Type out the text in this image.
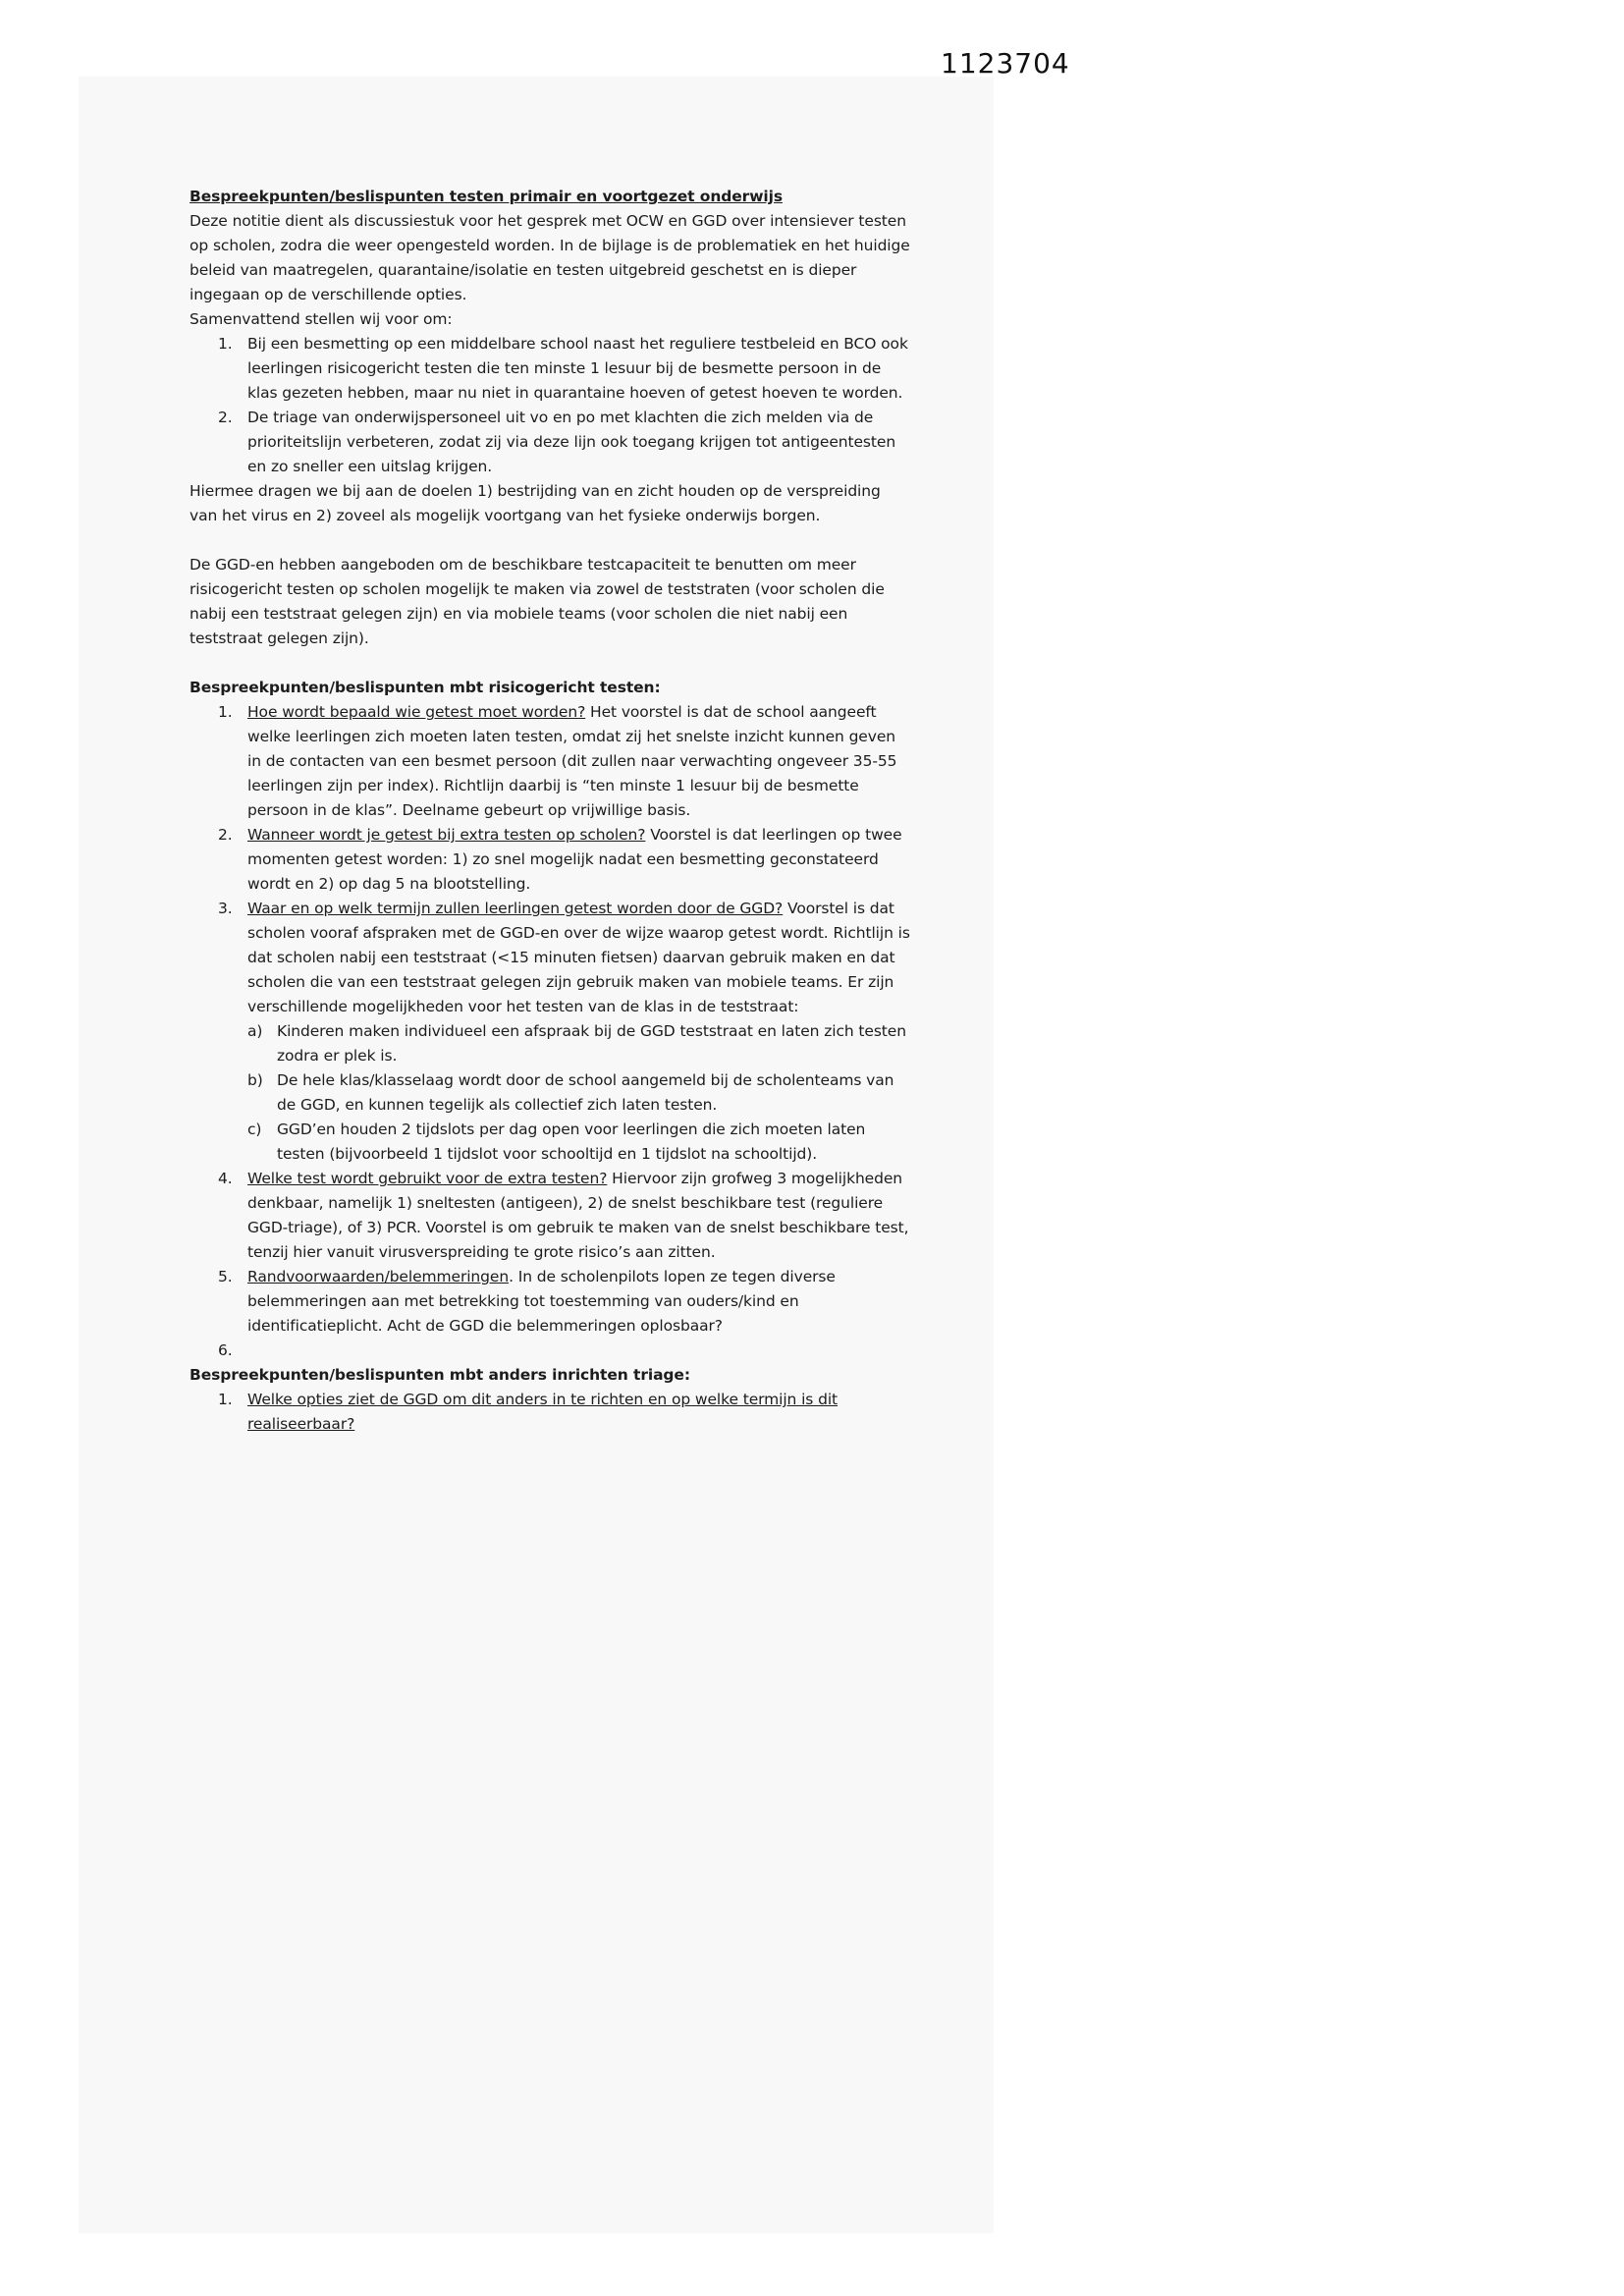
1123704
Bespreekpunten/beslispunten testen primair en voortgezet onderwijs
Deze notitie dient als discussiestuk voor het gesprek met OCW en GGD over intensiever testen op scholen, zodra die weer opengesteld worden. In de bijlage is de problematiek en het huidige beleid van maatregelen, quarantaine/isolatie en testen uitgebreid geschetst en is dieper ingegaan op de verschillende opties.
Samenvattend stellen wij voor om:
1. Bij een besmetting op een middelbare school naast het reguliere testbeleid en BCO ook leerlingen risicogericht testen die ten minste 1 lesuur bij de besmette persoon in de klas gezeten hebben, maar nu niet in quarantaine hoeven of getest hoeven te worden.
2. De triage van onderwijspersoneel uit vo en po met klachten die zich melden via de prioriteitslijn verbeteren, zodat zij via deze lijn ook toegang krijgen tot antigeentesten en zo sneller een uitslag krijgen.
Hiermee dragen we bij aan de doelen 1) bestrijding van en zicht houden op de verspreiding van het virus en 2) zoveel als mogelijk voortgang van het fysieke onderwijs borgen.
De GGD-en hebben aangeboden om de beschikbare testcapaciteit te benutten om meer risicogericht testen op scholen mogelijk te maken via zowel de teststraten (voor scholen die nabij een teststraat gelegen zijn) en via mobiele teams (voor scholen die niet nabij een teststraat gelegen zijn).
Bespreekpunten/beslispunten mbt risicogericht testen:
1. Hoe wordt bepaald wie getest moet worden? Het voorstel is dat de school aangeeft welke leerlingen zich moeten laten testen, omdat zij het snelste inzicht kunnen geven in de contacten van een besmet persoon (dit zullen naar verwachting ongeveer 35-55 leerlingen zijn per index). Richtlijn daarbij is “ten minste 1 lesuur bij de besmette persoon in de klas”. Deelname gebeurt op vrijwillige basis.
2. Wanneer wordt je getest bij extra testen op scholen? Voorstel is dat leerlingen op twee momenten getest worden: 1) zo snel mogelijk nadat een besmetting geconstateerd wordt en 2) op dag 5 na blootstelling.
3. Waar en op welk termijn zullen leerlingen getest worden door de GGD? Voorstel is dat scholen vooraf afspraken met de GGD-en over de wijze waarop getest wordt. Richtlijn is dat scholen nabij een teststraat (<15 minuten fietsen) daarvan gebruik maken en dat scholen die van een teststraat gelegen zijn gebruik maken van mobiele teams. Er zijn verschillende mogelijkheden voor het testen van de klas in de teststraat:
a) Kinderen maken individueel een afspraak bij de GGD teststraat en laten zich testen zodra er plek is.
b) De hele klas/klasselaag wordt door de school aangemeld bij de scholenteams van de GGD, en kunnen tegelijk als collectief zich laten testen.
c)	GGD’en houden 2 tijdslots per dag open voor leerlingen die zich moeten laten testen (bijvoorbeeld 1 tijdslot voor schooltijd en 1 tijdslot na schooltijd).
4. Welke test wordt gebruikt voor de extra testen? Hiervoor zijn grofweg 3 mogelijkheden denkbaar, namelijk 1) sneltesten (antigeen), 2) de snelst beschikbare test (reguliere GGD-triage), of 3) PCR. Voorstel is om gebruik te maken van de snelst beschikbare test, tenzij hier vanuit virusverspreiding te grote risico’s aan zitten.
5. Randvoorwaarden/belemmeringen. In de scholenpilots lopen ze tegen diverse belemmeringen aan met betrekking tot toestemming van ouders/kind en identificatieplicht. Acht de GGD die belemmeringen oplosbaar?
6.
Bespreekpunten/beslispunten mbt anders inrichten triage:
1. Welke opties ziet de GGD om dit anders in te richten en op welke termijn is dit realiseerbaar?
